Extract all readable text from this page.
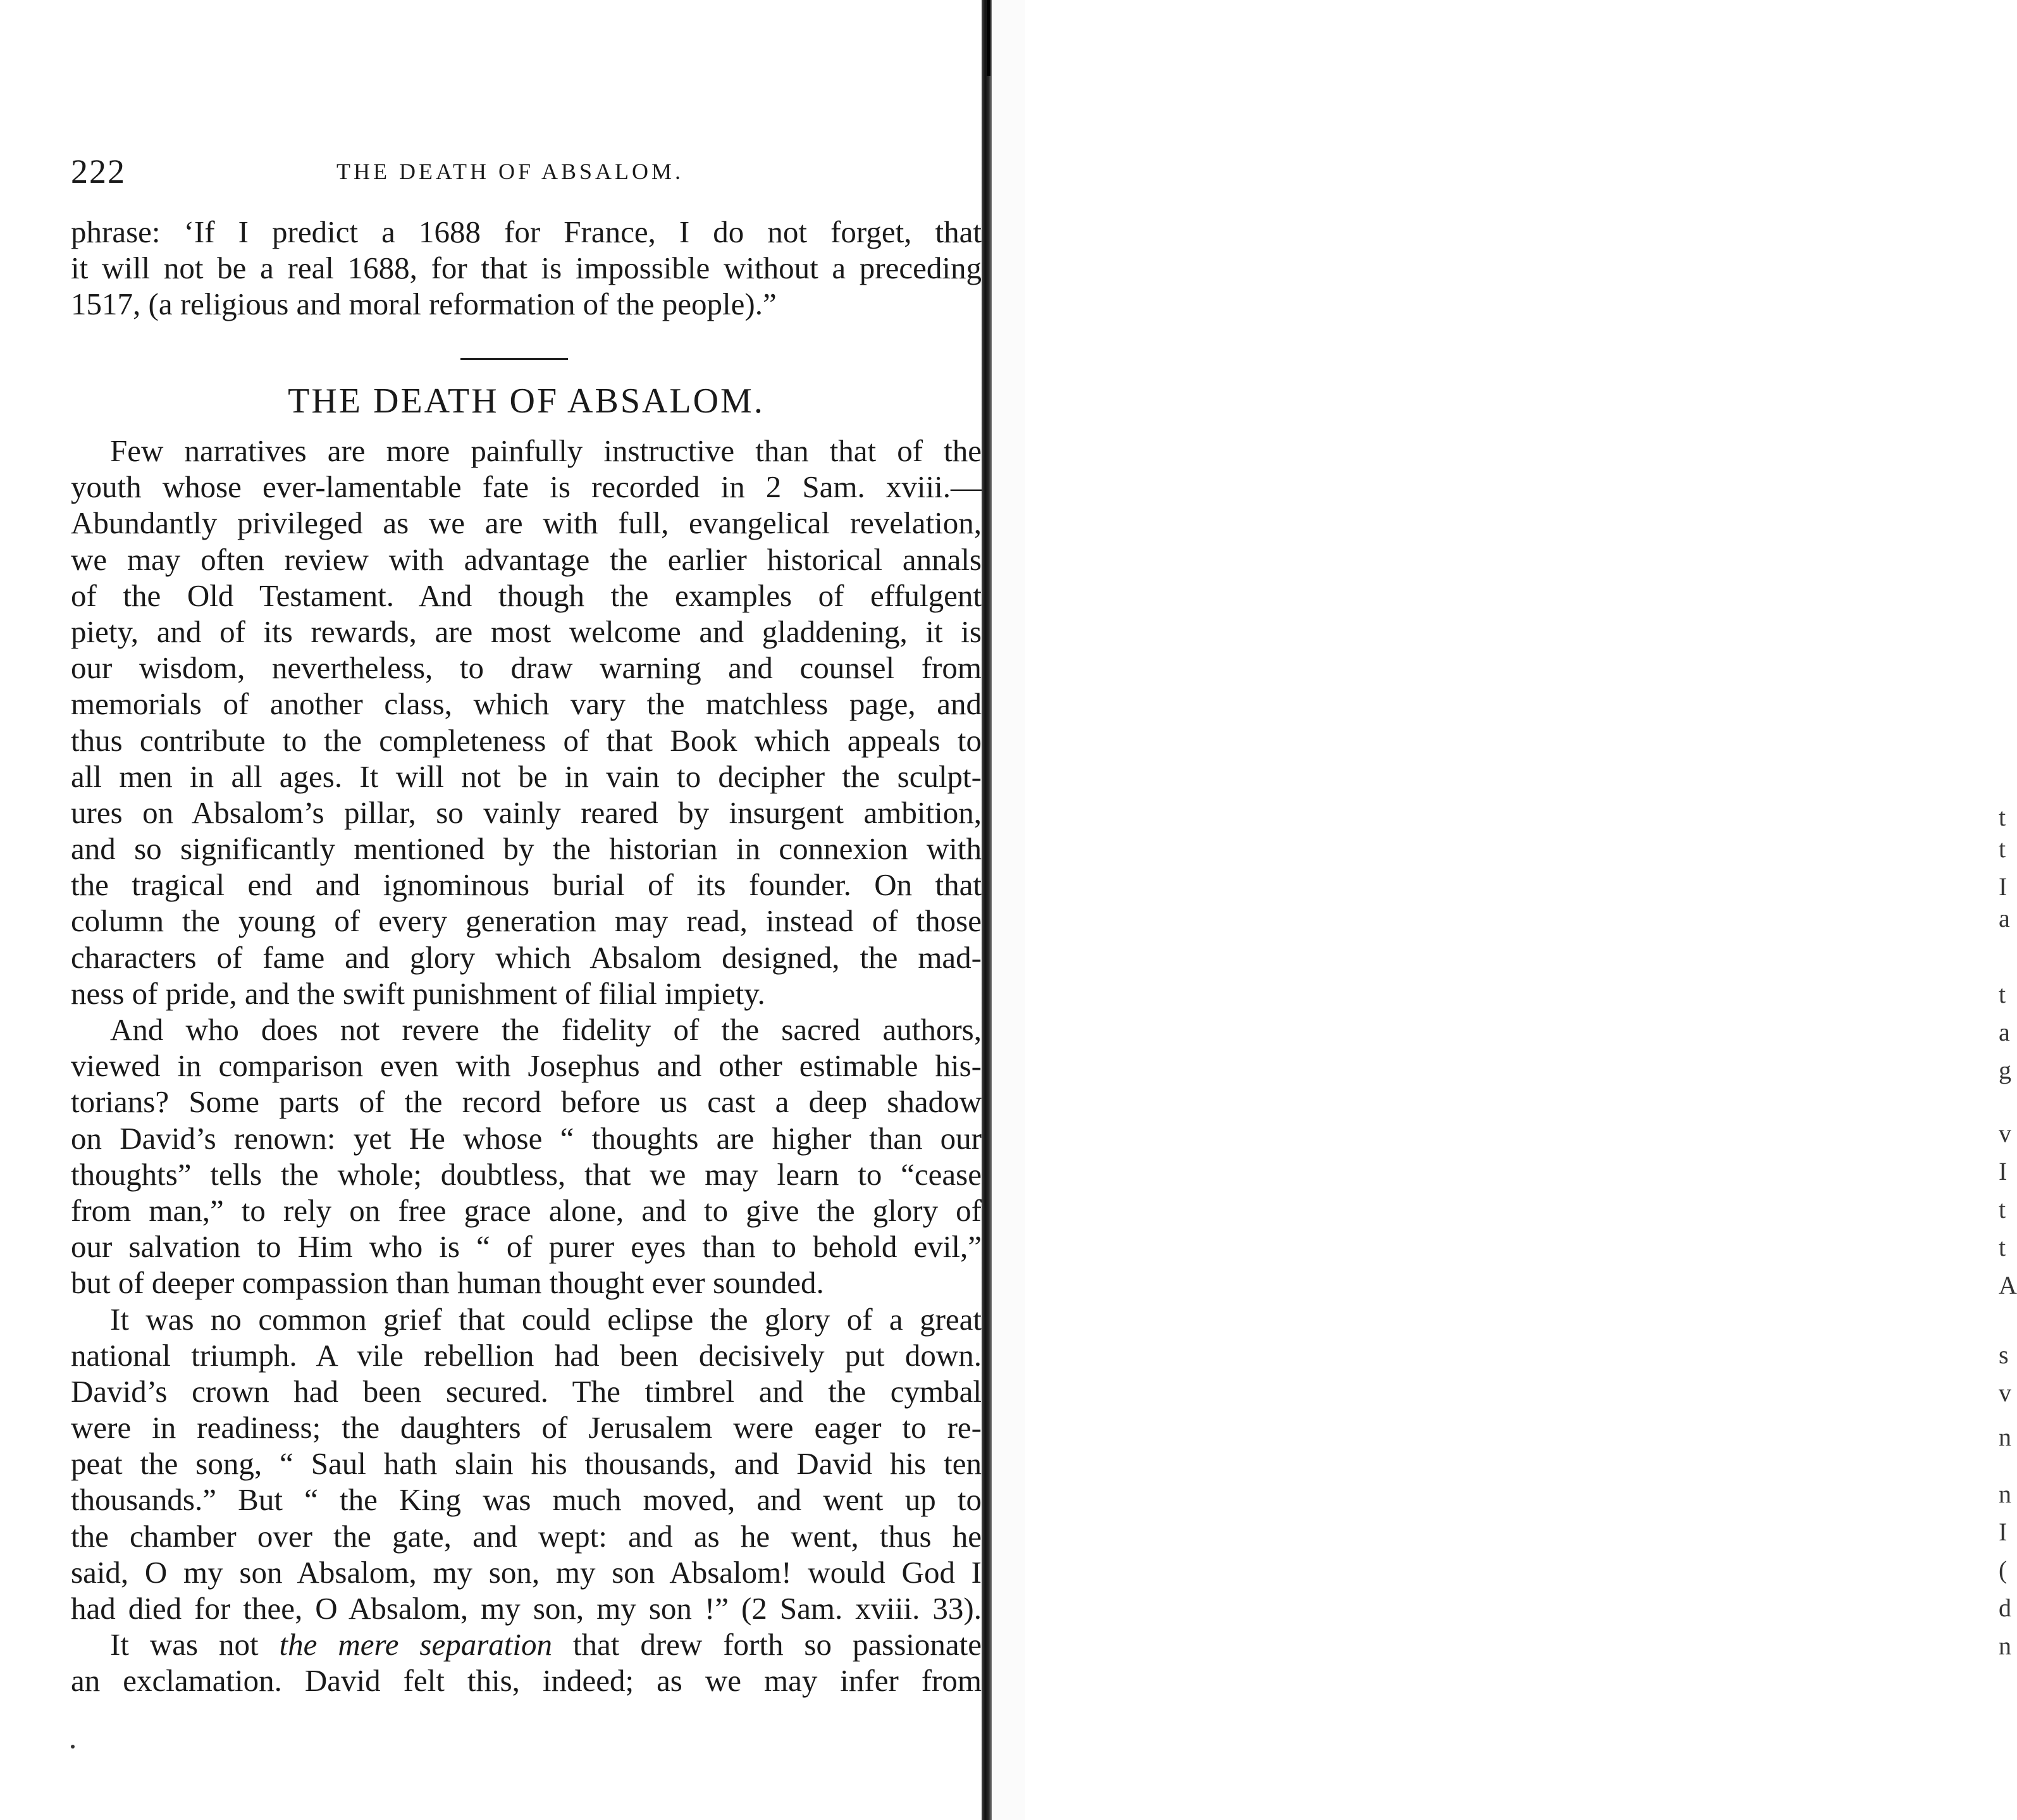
222	THE DEATH OF ABSALOM.
phrase: ‘If I predict a 1688 for France, I do not forget, that
it will not be a real 1688, for that is impossible without a preceding
1517, (a religious and moral reformation of the people).”
THE DEATH OF ABSALOM.
Few narratives are more painfully instructive than that of the
youth whose ever-lamentable fate is recorded in 2 Sam. xviii.—
Abundantly privileged as we are with full, evangelical revelation,
we may often review with advantage the earlier historical annals
of the Old Testament. And though the examples of effulgent
piety, and of its rewards, are most welcome and gladdening, it is
our wisdom, nevertheless, to draw warning and counsel from
memorials of another class, which vary the matchless page, and
thus contribute to the completeness of that Book which appeals to
all men in all ages. It will not be in vain to decipher the sculpt-
ures on Absalom’s pillar, so vainly reared by insurgent ambition,
and so significantly mentioned by the historian in connexion with
the tragical end and ignominous burial of its founder. On that
column the young of every generation may read, instead of those
characters of fame and glory which Absalom designed, the mad-
ness of pride, and the swift punishment of filial impiety.
And who does not revere the fidelity of the sacred authors,
viewed in comparison even with Josephus and other estimable his-
torians? Some parts of the record before us cast a deep shadow
on David’s renown: yet He whose “ thoughts are higher than our
thoughts” tells the whole; doubtless, that we may learn to “cease
from man,” to rely on free grace alone, and to give the glory of
our salvation to Him who is “ of purer eyes than to behold evil,”
but of deeper compassion than human thought ever sounded.
It was no common grief that could eclipse the glory of a great
national triumph. A vile rebellion had been decisively put down.
David’s crown had been secured. The timbrel and the cymbal
were in readiness; the daughters of Jerusalem were eager to re-
peat the song, “ Saul hath slain his thousands, and David his ten
thousands.” But “ the King was much moved, and went up to
the chamber over the gate, and wept: and as he went, thus he
said, O my son Absalom, my son, my son Absalom! would God I
had died for thee, O Absalom, my son, my son !” (2 Sam. xviii. 33).
It was not the mere separation that drew forth so passionate
an exclamation. David felt this, indeed; as we may infer from
t
t
I
a
t
a
g
v
I
t
t
A
s
v
n
n
I
(
d
n
